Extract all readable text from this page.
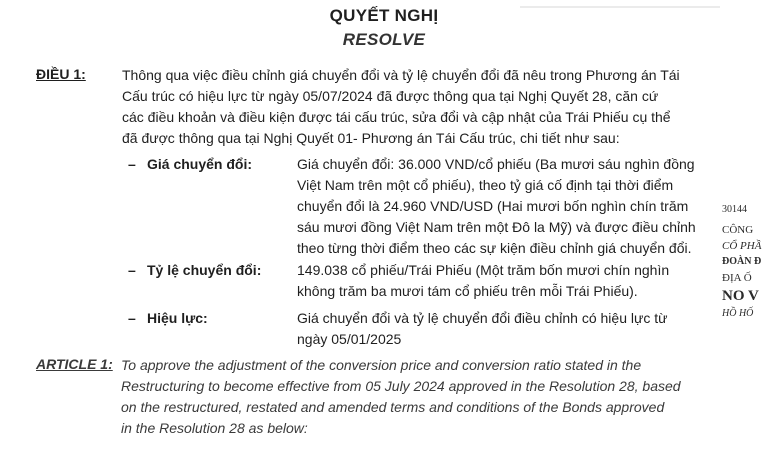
QUYẾT NGHỊ
RESOLVE
ĐIỀU 1:	Thông qua việc điều chỉnh giá chuyển đổi và tỷ lệ chuyển đổi đã nêu trong Phương án Tái
Cấu trúc có hiệu lực từ ngày 05/07/2024 đã được thông qua tại Nghị Quyết 28, căn cứ
các điều khoản và điều kiện được tái cấu trúc, sửa đổi và cập nhật của Trái Phiếu cụ thể
đã được thông qua tại Nghị Quyết 01- Phương án Tái Cấu trúc, chi tiết như sau:
– Giá chuyển đổi:	Giá chuyển đổi: 36.000 VND/cổ phiếu (Ba mươi sáu nghìn đồng
Việt Nam trên một cổ phiếu), theo tỷ giá cố định tại thời điểm
chuyển đổi là 24.960 VND/USD (Hai mươi bốn nghìn chín trăm
sáu mươi đồng Việt Nam trên một Đô la Mỹ) và được điều chỉnh
theo từng thời điểm theo các sự kiện điều chỉnh giá chuyển đổi.
– Tỷ lệ chuyển đổi:	149.038 cổ phiếu/Trái Phiếu (Một trăm bốn mươi chín nghìn
không trăm ba mươi tám cổ phiếu trên mỗi Trái Phiếu).
– Hiệu lực:	Giá chuyển đổi và tỷ lệ chuyển đổi điều chỉnh có hiệu lực từ
ngày 05/01/2025
ARTICLE 1: To approve the adjustment of the conversion price and conversion ratio stated in the
Restructuring to become effective from 05 July 2024 approved in the Resolution 28, based
on the restructured, restated and amended terms and conditions of the Bonds approved
in the Resolution 28 as below:
30144
CÔNG
CỔ PHẦ
ĐOÀN Đ
ĐỊA Ố
NO V
HỒ HỐ
